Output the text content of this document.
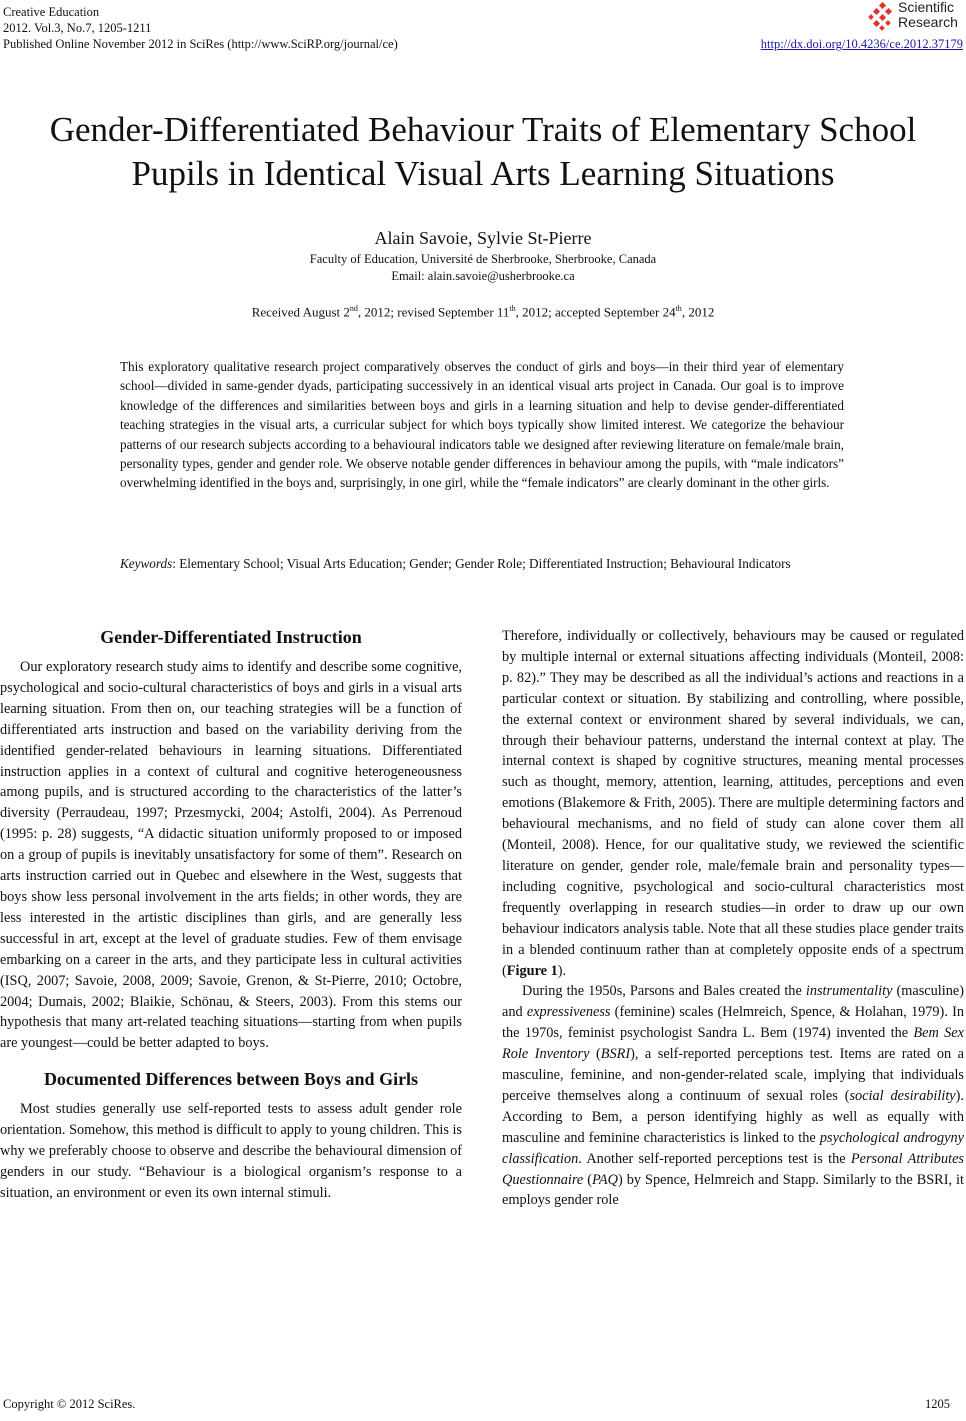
Creative Education
2012. Vol.3, No.7, 1205-1211
Published Online November 2012 in SciRes (http://www.SciRP.org/journal/ce)
Scientific
Research
http://dx.doi.org/10.4236/ce.2012.37179
Gender-Differentiated Behaviour Traits of Elementary School
Pupils in Identical Visual Arts Learning Situations
Alain Savoie, Sylvie St-Pierre
Faculty of Education, Université de Sherbrooke, Sherbrooke, Canada
Email: alain.savoie@usherbrooke.ca
Received August 2nd, 2012; revised September 11th, 2012; accepted September 24th, 2012
This exploratory qualitative research project comparatively observes the conduct of girls and boys—in their third year of elementary school—divided in same-gender dyads, participating successively in an identical visual arts project in Canada. Our goal is to improve knowledge of the differences and similarities between boys and girls in a learning situation and help to devise gender-differentiated teaching strategies in the visual arts, a curricular subject for which boys typically show limited interest. We categorize the behaviour patterns of our research subjects according to a behavioural indicators table we designed after reviewing literature on female/male brain, personality types, gender and gender role. We observe notable gender differences in behaviour among the pupils, with “male indicators” overwhelming identified in the boys and, surprisingly, in one girl, while the “female indicators” are clearly dominant in the other girls.
Keywords: Elementary School; Visual Arts Education; Gender; Gender Role; Differentiated Instruction; Behavioural Indicators
Gender-Differentiated Instruction

Our exploratory research study aims to identify and describe some cognitive, psychological and socio-cultural characteristics of boys and girls in a visual arts learning situation. From then on, our teaching strategies will be a function of differentiated arts instruction and based on the variability deriving from the identified gender-related behaviours in learning situations. Differentiated instruction applies in a context of cultural and cognitive heterogeneousness among pupils, and is structured according to the characteristics of the latter’s diversity (Perraudeau, 1997; Przesmycki, 2004; Astolfi, 2004). As Perrenoud (1995: p. 28) suggests, “A didactic situation uniformly proposed to or imposed on a group of pupils is inevitably unsatisfactory for some of them”. Research on arts instruction carried out in Quebec and elsewhere in the West, suggests that boys show less personal involvement in the arts fields; in other words, they are less interested in the artistic disciplines than girls, and are generally less successful in art, except at the level of graduate studies. Few of them envisage embarking on a career in the arts, and they participate less in cultural activities (ISQ, 2007; Savoie, 2008, 2009; Savoie, Grenon, & St-Pierre, 2010; Octobre, 2004; Dumais, 2002; Blaikie, Schönau, & Steers, 2003). From this stems our hypothesis that many art-related teaching situations—starting from when pupils are youngest—could be better adapted to boys.

Documented Differences between Boys and Girls

Most studies generally use self-reported tests to assess adult gender role orientation. Somehow, this method is difficult to apply to young children. This is why we preferably choose to observe and describe the behavioural dimension of genders in our study. “Behaviour is a biological organism’s response to a situation, an environment or even its own internal stimuli.

Therefore, individually or collectively, behaviours may be caused or regulated by multiple internal or external situations affecting individuals (Monteil, 2008: p. 82).” They may be described as all the individual’s actions and reactions in a particular context or situation. By stabilizing and controlling, where possible, the external context or environment shared by several individuals, we can, through their behaviour patterns, understand the internal context at play. The internal context is shaped by cognitive structures, meaning mental processes such as thought, memory, attention, learning, attitudes, perceptions and even emotions (Blakemore & Frith, 2005). There are multiple determining factors and behavioural mechanisms, and no field of study can alone cover them all (Monteil, 2008). Hence, for our qualitative study, we reviewed the scientific literature on gender, gender role, male/female brain and personality types—including cognitive, psychological and socio-cultural characteristics most frequently overlapping in research studies—in order to draw up our own behaviour indicators analysis table. Note that all these studies place gender traits in a blended continuum rather than at completely opposite ends of a spectrum (Figure 1).

During the 1950s, Parsons and Bales created the instrumentality (masculine) and expressiveness (feminine) scales (Helmreich, Spence, & Holahan, 1979). In the 1970s, feminist psychologist Sandra L. Bem (1974) invented the Bem Sex Role Inventory (BSRI), a self-reported perceptions test. Items are rated on a masculine, feminine, and non-gender-related scale, implying that individuals perceive themselves along a continuum of sexual roles (social desirability). According to Bem, a person identifying highly as well as equally with masculine and feminine characteristics is linked to the psychological androgyny classification. Another self-reported perceptions test is the Personal Attributes Questionnaire (PAQ) by Spence, Helmreich and Stapp. Similarly to the BSRI, it employs gender role

Copyright © 2012 SciRes.	1205
